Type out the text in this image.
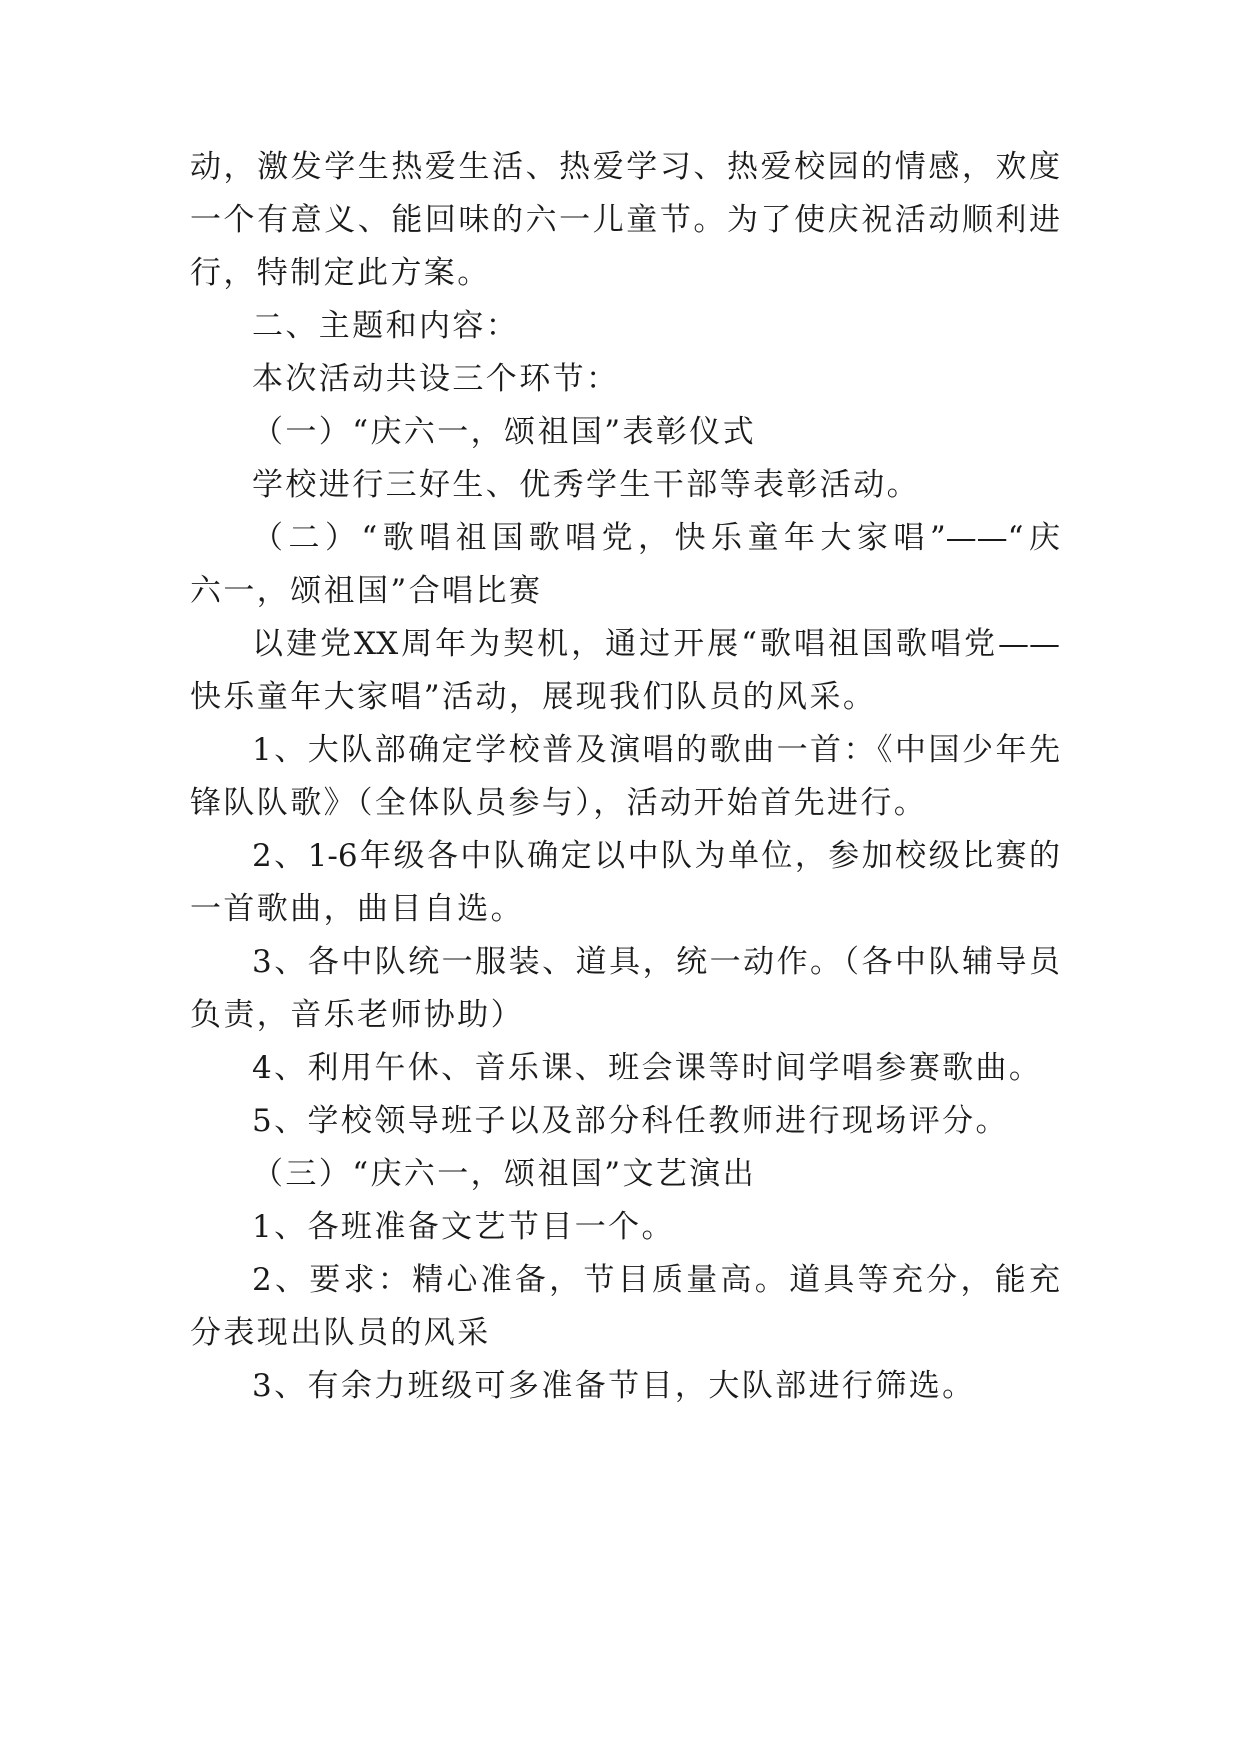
动，激发学生热爱生活、热爱学习、热爱校园的情感，欢度
一个有意义、能回味的六一儿童节。为了使庆祝活动顺利进
行，特制定此方案。
二、主题和内容：
本次活动共设三个环节：
（一）“庆六一，颂祖国”表彰仪式
学校进行三好生、优秀学生干部等表彰活动。
（二）“歌唱祖国歌唱党，快乐童年大家唱”——“庆
六一，颂祖国”合唱比赛
以建党XX周年为契机，通过开展“歌唱祖国歌唱党——
快乐童年大家唱”活动，展现我们队员的风采。
1、大队部确定学校普及演唱的歌曲一首：《中国少年先
锋队队歌》（全体队员参与），活动开始首先进行。
2、1-6年级各中队确定以中队为单位，参加校级比赛的
一首歌曲，曲目自选。
3、各中队统一服装、道具，统一动作。（各中队辅导员
负责，音乐老师协助）
4、利用午休、音乐课、班会课等时间学唱参赛歌曲。
5、学校领导班子以及部分科任教师进行现场评分。
（三）“庆六一，颂祖国”文艺演出
1、各班准备文艺节目一个。
2、要求：精心准备，节目质量高。道具等充分，能充
分表现出队员的风采
3、有余力班级可多准备节目，大队部进行筛选。
